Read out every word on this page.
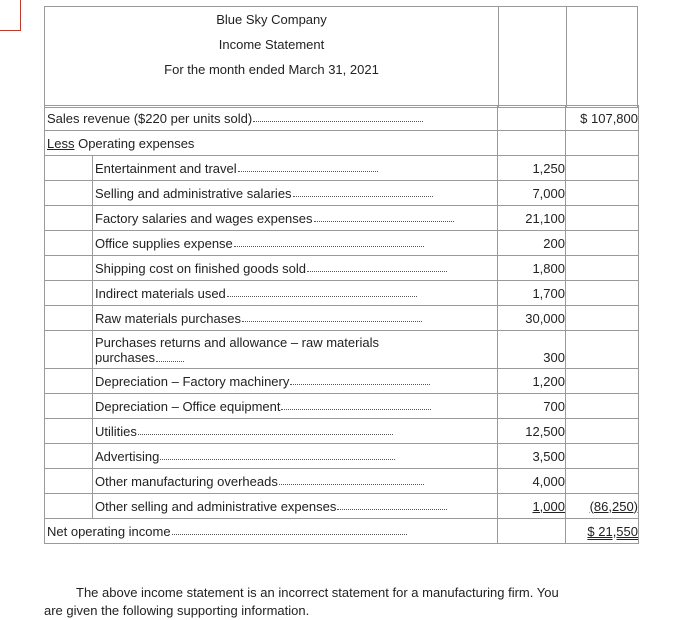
Blue Sky Company
Income Statement
For the month ended March 31, 2021
Sales revenue ($220 per units sold)			$ 107,800

Less Operating expenses			

	Entertainment and travel	1,250	

	Selling and administrative salaries	7,000	

	Factory salaries and wages expenses	21,100	

	Office supplies expense	200	

	Shipping cost on finished goods sold	1,800	

	Indirect materials used	1,700	

	Raw materials purchases	30,000	

	Purchases returns and allowance – raw materials purchases	300	

	Depreciation – Factory machinery	1,200	

	Depreciation – Office equipment	700	

	Utilities	12,500	

	Advertising	3,500	

	Other manufacturing overheads	4,000	

	Other selling and administrative expenses	1,000	(86,250)

Net operating income			$ 21,550
The above income statement is an incorrect statement for a manufacturing firm. You
are given the following supporting information.
